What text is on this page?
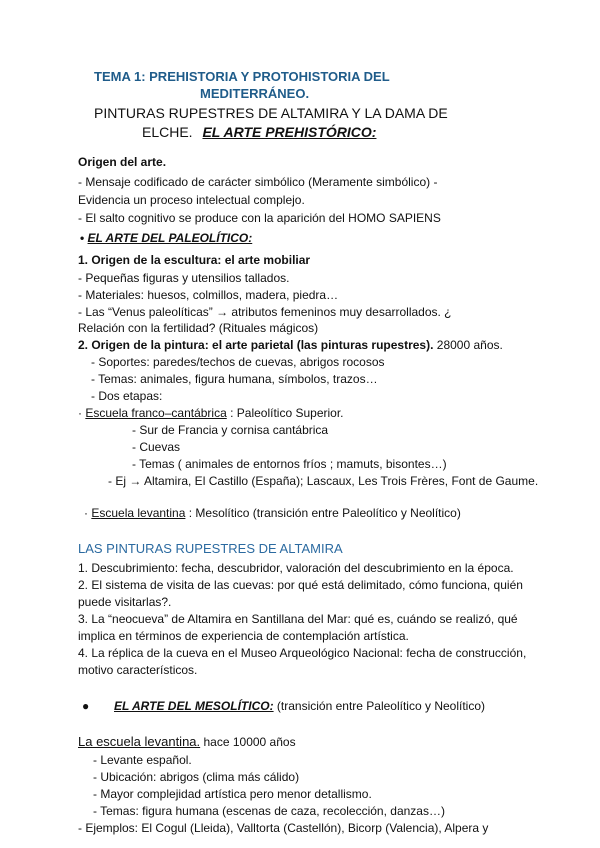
TEMA 1: PREHISTORIA Y PROTOHISTORIA DEL
MEDITERRÁNEO.
PINTURAS RUPESTRES DE ALTAMIRA Y LA DAMA DE
ELCHE. EL ARTE PREHISTÓRICO:
Origen del arte.
- Mensaje codificado de carácter simbólico (Meramente simbólico) -
Evidencia un proceso intelectual complejo.
- El salto cognitivo se produce con la aparición del HOMO SAPIENS
• EL ARTE DEL PALEOLÍTICO:
1. Origen de la escultura: el arte mobiliar
- Pequeñas figuras y utensilios tallados.
- Materiales: huesos, colmillos, madera, piedra…
- Las “Venus paleolíticas” → atributos femeninos muy desarrollados. ¿
Relación con la fertilidad? (Rituales mágicos)
2. Origen de la pintura: el arte parietal (las pinturas rupestres). 28000 años.
- Soportes: paredes/techos de cuevas, abrigos rocosos
- Temas: animales, figura humana, símbolos, trazos…
- Dos etapas:
· Escuela franco–cantábrica : Paleolítico Superior.
- Sur de Francia y cornisa cantábrica
- Cuevas
- Temas ( animales de entornos fríos ; mamuts, bisontes…)
- Ej → Altamira, El Castillo (España); Lascaux, Les Trois Frères, Font de Gaume.
· Escuela levantina : Mesolítico (transición entre Paleolítico y Neolítico)
LAS PINTURAS RUPESTRES DE ALTAMIRA
1. Descubrimiento: fecha, descubridor, valoración del descubrimiento en la época.
2. El sistema de visita de las cuevas: por qué está delimitado, cómo funciona, quién
puede visitarlas?.
3. La “neocueva” de Altamira en Santillana del Mar: qué es, cuándo se realizó, qué
implica en términos de experiencia de contemplación artística.
4. La réplica de la cueva en el Museo Arqueológico Nacional: fecha de construcción,
motivo característicos.
● EL ARTE DEL MESOLÍTICO: (transición entre Paleolítico y Neolítico)
La escuela levantina. hace 10000 años
- Levante español.
- Ubicación: abrigos (clima más cálido)
- Mayor complejidad artística pero menor detallismo.
- Temas: figura humana (escenas de caza, recolección, danzas…)
- Ejemplos: El Cogul (Lleida), Valltorta (Castellón), Bicorp (Valencia), Alpera y
